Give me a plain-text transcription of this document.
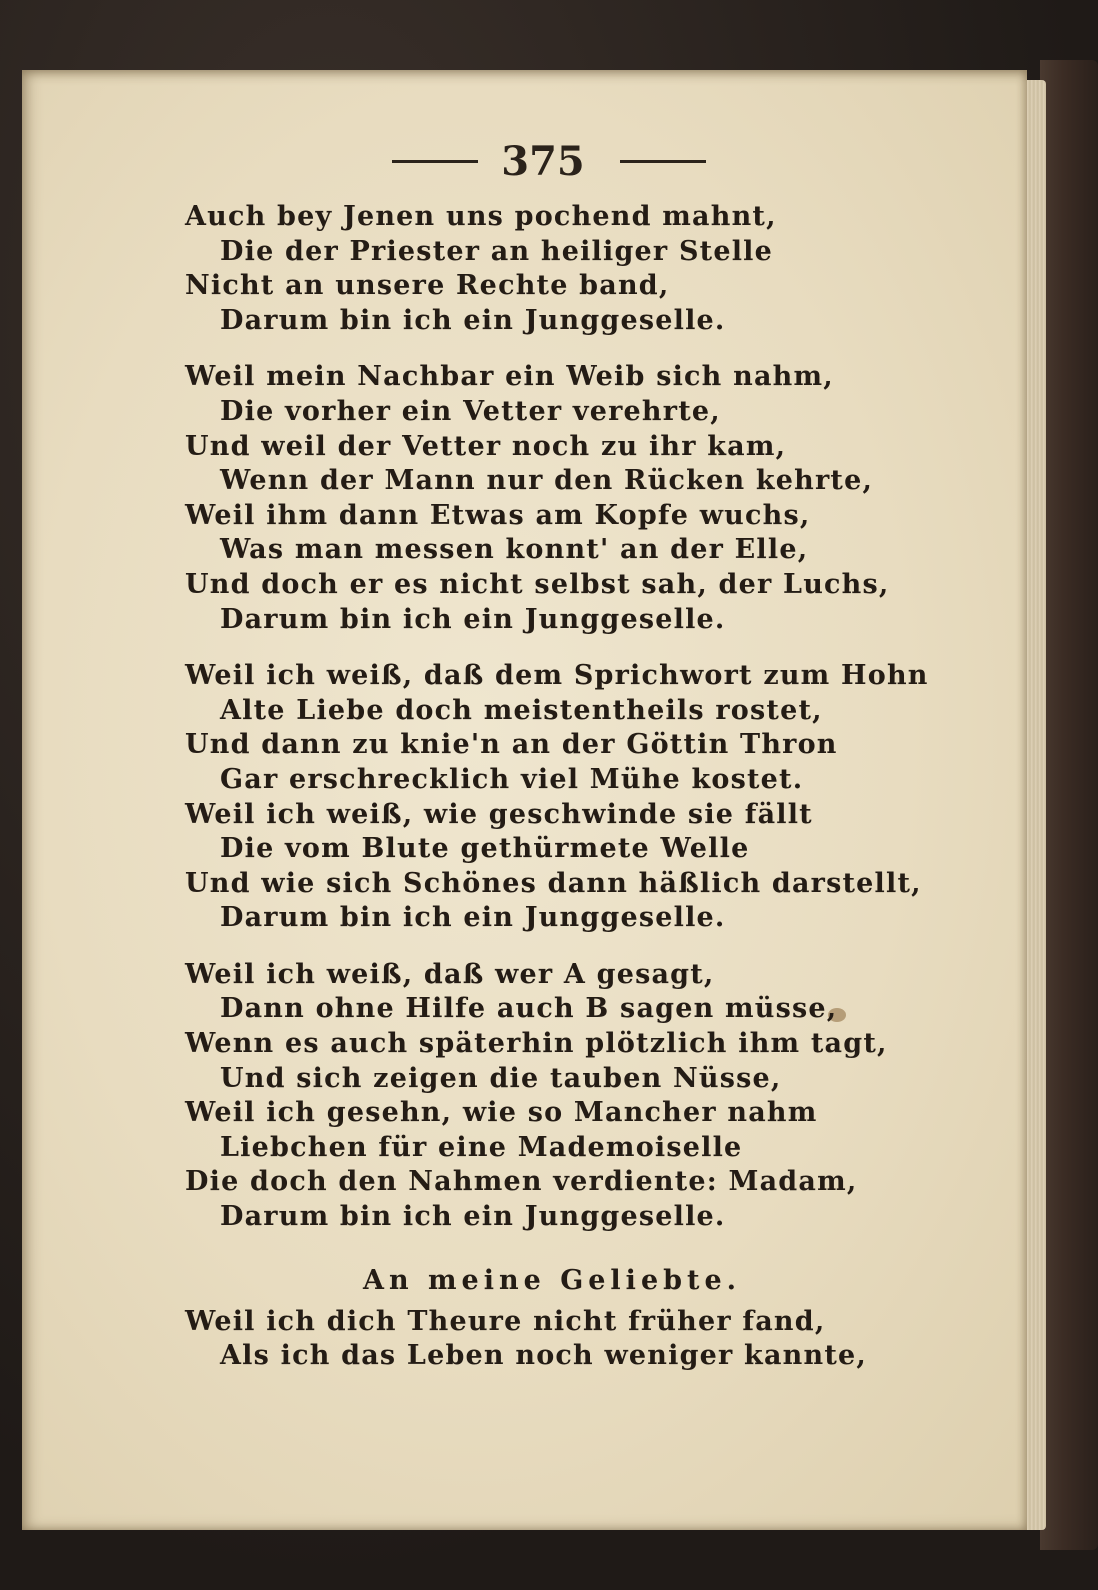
375
Auch bey Jenen uns pochend mahnt,
Die der Priester an heiliger Stelle
Nicht an unsere Rechte band,
Darum bin ich ein Junggeselle.
Weil mein Nachbar ein Weib sich nahm,
Die vorher ein Vetter verehrte,
Und weil der Vetter noch zu ihr kam,
Wenn der Mann nur den Rücken kehrte,
Weil ihm dann Etwas am Kopfe wuchs,
Was man messen konnt' an der Elle,
Und doch er es nicht selbst sah, der Luchs,
Darum bin ich ein Junggeselle.
Weil ich weiß, daß dem Sprichwort zum Hohn
Alte Liebe doch meistentheils rostet,
Und dann zu knie'n an der Göttin Thron
Gar erschrecklich viel Mühe kostet.
Weil ich weiß, wie geschwinde sie fällt
Die vom Blute gethürmete Welle
Und wie sich Schönes dann häßlich darstellt,
Darum bin ich ein Junggeselle.
Weil ich weiß, daß wer A gesagt,
Dann ohne Hilfe auch B sagen müsse,
Wenn es auch späterhin plötzlich ihm tagt,
Und sich zeigen die tauben Nüsse,
Weil ich gesehn, wie so Mancher nahm
Liebchen für eine Mademoiselle
Die doch den Nahmen verdiente: Madam,
Darum bin ich ein Junggeselle.
An meine Geliebte.
Weil ich dich Theure nicht früher fand,
Als ich das Leben noch weniger kannte,
